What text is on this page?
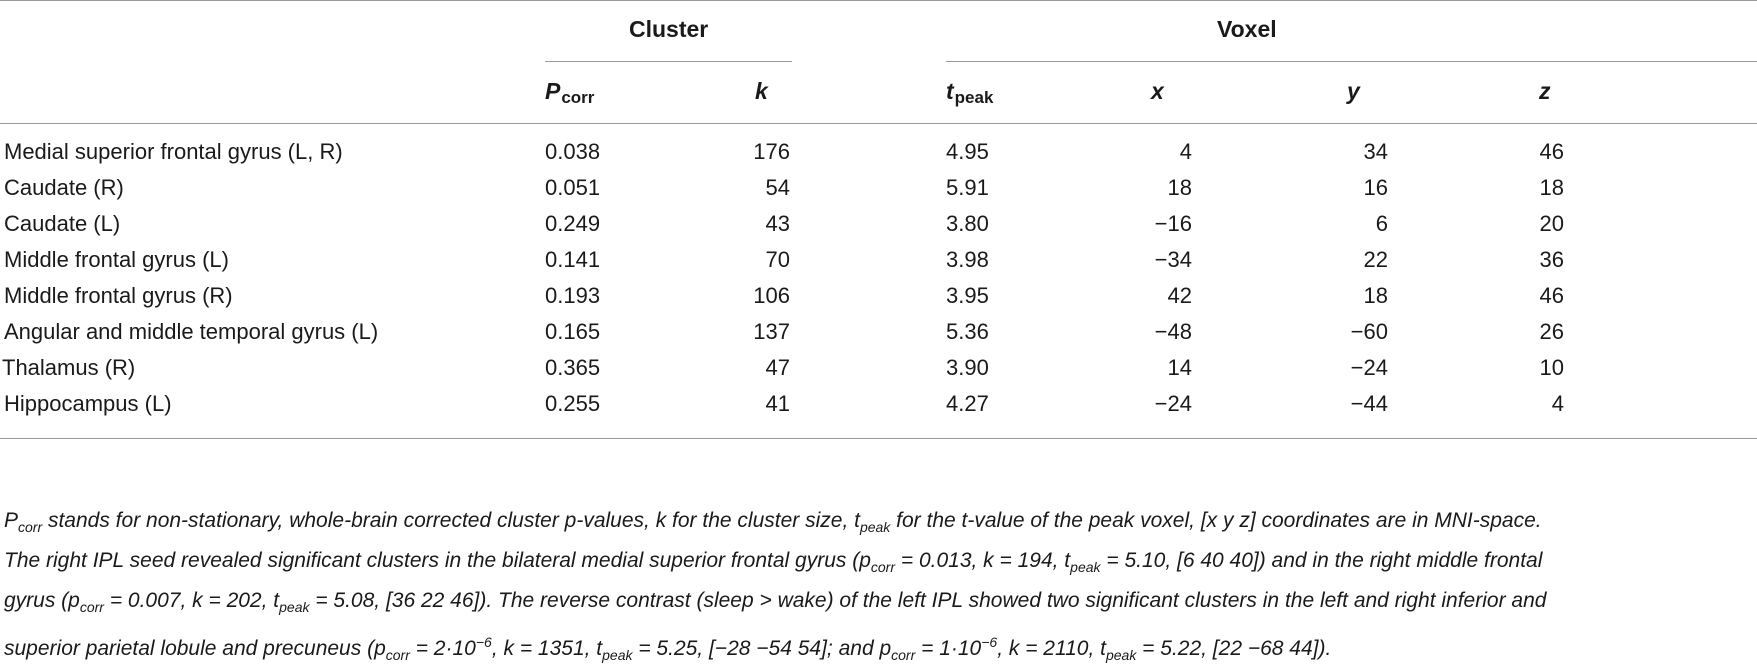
Cluster	Voxel
Pcorr	k	tpeak	x	y	z
Medial superior frontal gyrus (L, R)	0.038	176	4.95	4	34	46
Caudate (R)	0.051	54	5.91	18	16	18
Caudate (L)	0.249	43	3.80	−16	6	20
Middle frontal gyrus (L)	0.141	70	3.98	−34	22	36
Middle frontal gyrus (R)	0.193	106	3.95	42	18	46
Angular and middle temporal gyrus (L)	0.165	137	5.36	−48	−60	26
Thalamus (R)	0.365	47	3.90	14	−24	10
Hippocampus (L)	0.255	41	4.27	−24	−44	4

$P_{corr}$ stands for non-stationary, whole-brain corrected cluster p-values, k for the cluster size, $t_{peak}$ for the t-value of the peak voxel, [x y z] coordinates are in MNI-space.

The right IPL seed revealed significant clusters in the bilateral medial superior frontal gyrus ($p_{corr} = 0.013$, k = 194, $t_{peak} = 5.10$, [6 40 40]) and in the right middle frontal

gyrus ($p_{corr} = 0.007$, k = 202, $t_{peak} = 5.08$, [36 22 46]). The reverse contrast (sleep > wake) of the left IPL showed two significant clusters in the left and right inferior and

superior parietal lobule and precuneus ($p_{corr} = 2\cdot 10^{-6}$, k = 1351, $t_{peak} = 5.25$, [−28 −54 54]; and $p_{corr} = 1\cdot 10^{-6}$, k = 2110, $t_{peak} = 5.22$, [22 −68 44]).
